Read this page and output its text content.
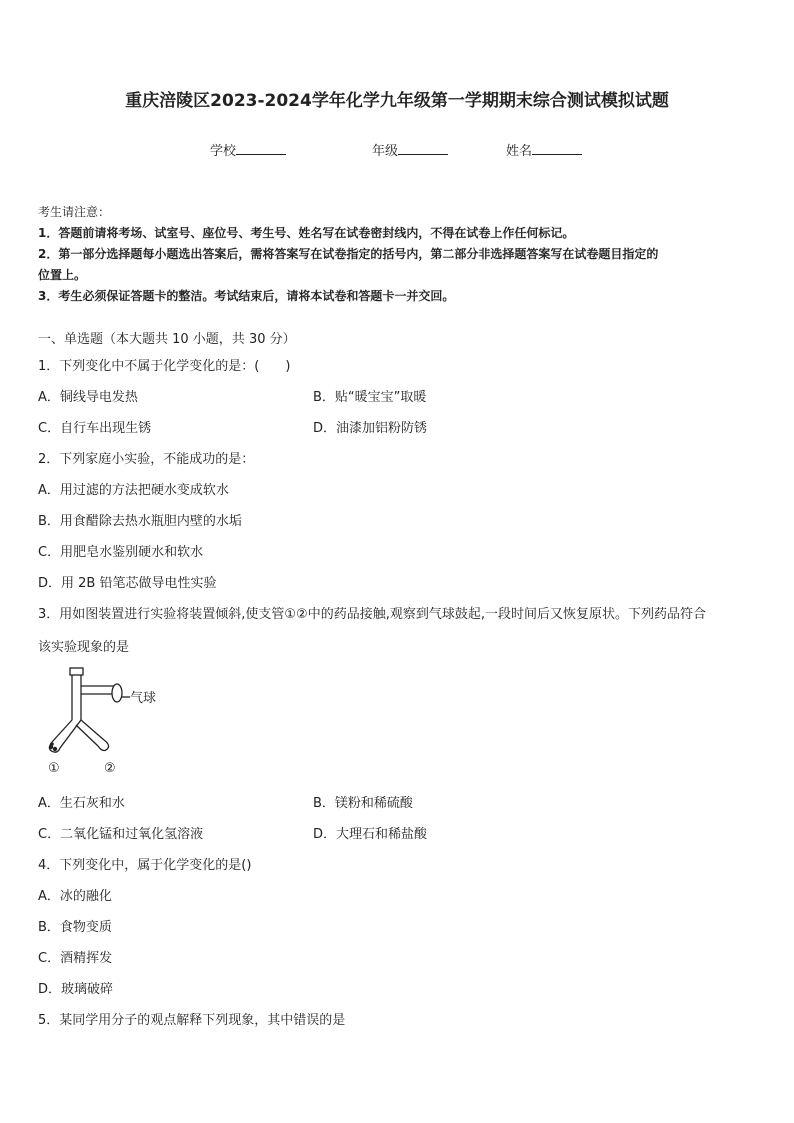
重庆涪陵区2023-2024学年化学九年级第一学期期末综合测试模拟试题
学校	年级	姓名
考生请注意：
1．答题前请将考场、试室号、座位号、考生号、姓名写在试卷密封线内，不得在试卷上作任何标记。
2．第一部分选择题每小题选出答案后，需将答案写在试卷指定的括号内，第二部分非选择题答案写在试卷题目指定的
位置上。
3．考生必须保证答题卡的整洁。考试结束后，请将本试卷和答题卡一并交回。
一、单选题（本大题共 10 小题，共 30 分）
1．下列变化中不属于化学变化的是：(　　)
A．铜线导电发热	B．贴“暖宝宝”取暖
C．自行车出现生锈	D．油漆加铝粉防锈
2．下列家庭小实验，不能成功的是：
A．用过滤的方法把硬水变成软水
B．用食醋除去热水瓶胆内壁的水垢
C．用肥皂水鉴别硬水和软水
D．用 2B 铅笔芯做导电性实验
3．用如图装置进行实验将装置倾斜,使支管①②中的药品接触,观察到气球鼓起,一段时间后又恢复原状。下列药品符合
该实验现象的是
气球
①	②
A．生石灰和水	B．镁粉和稀硫酸
C．二氧化锰和过氧化氢溶液	D．大理石和稀盐酸
4．下列变化中，属于化学变化的是()
A．冰的融化
B．食物变质
C．酒精挥发
D．玻璃破碎
5．某同学用分子的观点解释下列现象，其中错误的是
